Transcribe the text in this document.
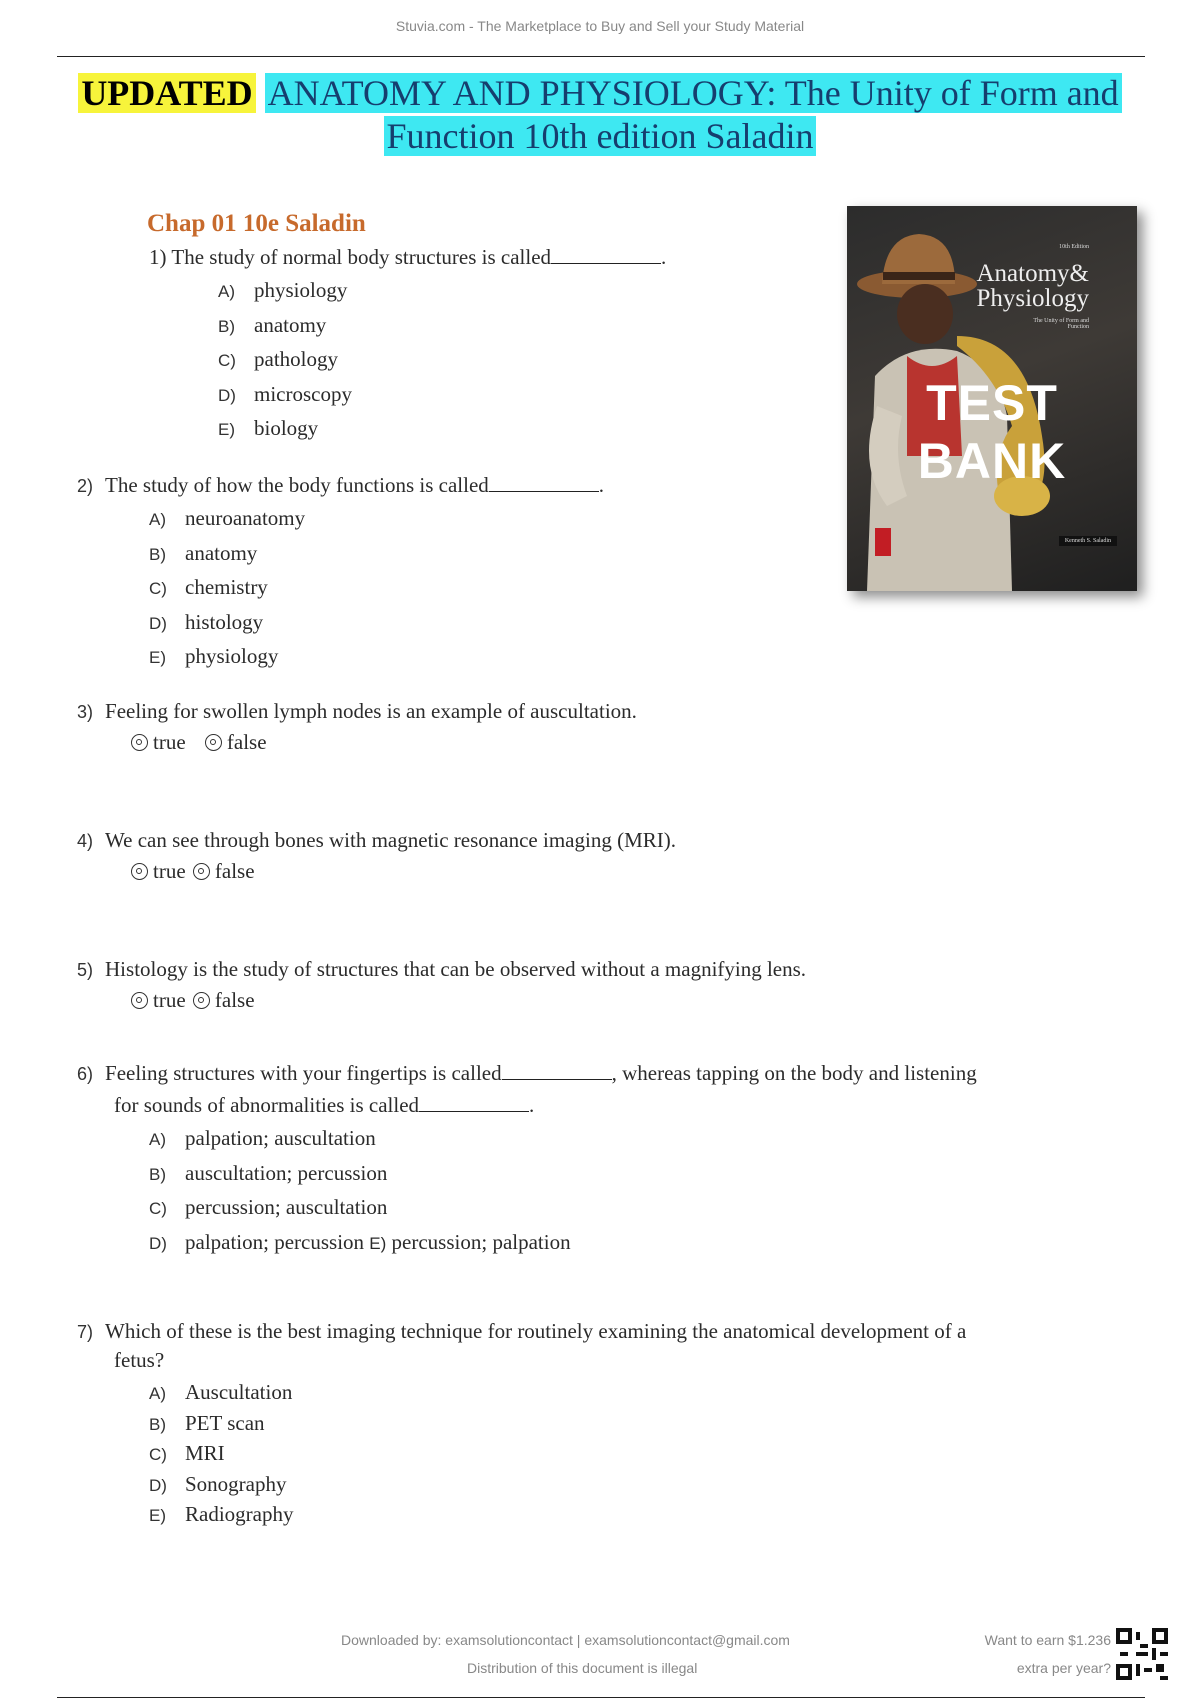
Stuvia.com - The Marketplace to Buy and Sell your Study Material
UPDATED ANATOMY AND PHYSIOLOGY: The Unity of Form and
Function 10th edition Saladin
Chap 01 10e Saladin
10th Edition
Anatomy&
Physiology
The Unity of Form and Function
TEST BANK
Kenneth S. Saladin
1) The study of normal body structures is called	.
A) physiology
B) anatomy
C) pathology
D) microscopy
E) biology
2) The study of how the body functions is called	.
A) neuroanatomy
B) anatomy
C) chemistry
D) histology
E) physiology
3) Feeling for swollen lymph nodes is an example of auscultation.
true false
4) We can see through bones with magnetic resonance imaging (MRI).
true false
5) Histology is the study of structures that can be observed without a magnifying lens.
true false
6) Feeling structures with your fingertips is called	, whereas tapping on the body and listening
for sounds of abnormalities is called	.
A) palpation; auscultation
B) auscultation; percussion
C) percussion; auscultation
D) palpation; percussion E) percussion; palpation
7) Which of these is the best imaging technique for routinely examining the anatomical development of a
fetus?
A) Auscultation
B) PET scan
C) MRI
D) Sonography
E) Radiography
Downloaded by: examsolutioncontact | examsolutioncontact@gmail.com
Distribution of this document is illegal
Want to earn $1.236
extra per year?
